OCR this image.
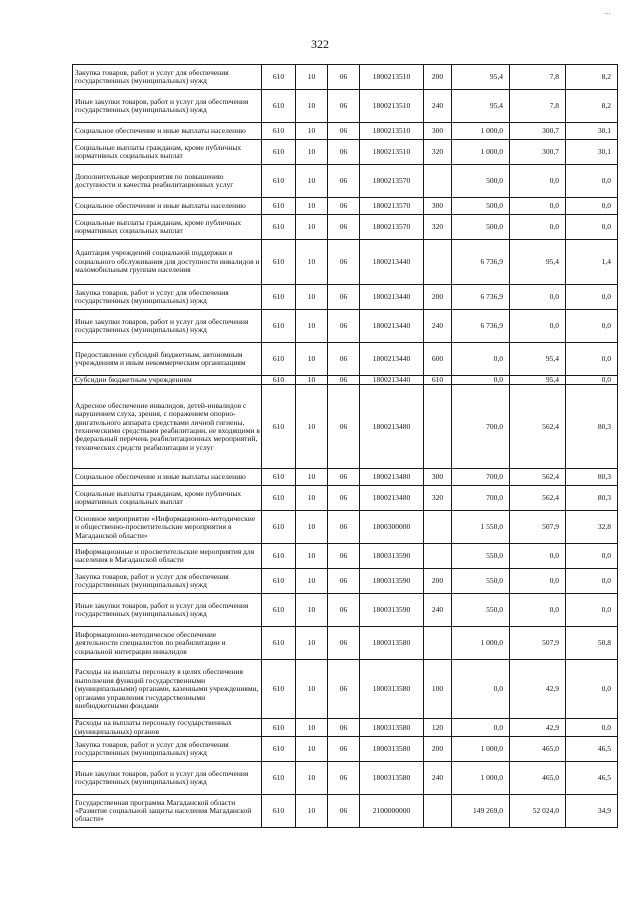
...
322
Закупка товаров, работ и услуг для обеспечения государственных (муниципальных) нужд	610	10	06	1800213510	200	95,4	7,8	8,2
Иные закупки товаров, работ и услуг для обеспечения государственных (муниципальных) нужд	610	10	06	1800213510	240	95,4	7,8	8,2
Социальное обеспечение и иные выплаты населению	610	10	06	1800213510	300	1 000,0	300,7	30,1
Социальные выплаты гражданам, кроме публичных нормативных социальных выплат	610	10	06	1800213510	320	1 000,0	300,7	30,1
Дополнительные мероприятия по повышению доступности и качества реабилитационных услуг	610	10	06	1800213570		500,0	0,0	0,0
Социальное обеспечение и иные выплаты населению	610	10	06	1800213570	300	500,0	0,0	0,0
Социальные выплаты гражданам, кроме публичных нормативных социальных выплат	610	10	06	1800213570	320	500,0	0,0	0,0
Адаптация учреждений социальной поддержки и социального обслуживания для доступности инвалидов и маломобильным группам населения	610	10	06	1800213440		6 736,9	95,4	1,4
Закупка товаров, работ и услуг для обеспечения государственных (муниципальных) нужд	610	10	06	1800213440	200	6 736,9	0,0	0,0
Иные закупки товаров, работ и услуг для обеспечения государственных (муниципальных) нужд	610	10	06	1800213440	240	6 736,9	0,0	0,0
Предоставление субсидий бюджетным, автономным учреждениям и иным некоммерческим организациям	610	10	06	1800213440	600	0,0	95,4	0,0
Субсидии бюджетным учреждениям	610	10	06	1800213440	610	0,0	95,4	0,0
Адресное обеспечение инвалидов, детей-инвалидов с нарушением слуха, зрения, с поражением опорно-двигательного аппарата средствами личной гигиены, техническими средствами реабилитации, не входящими в федеральный перечень реабилитационных мероприятий, технических средств реабилитации и услуг	610	10	06	1800213480		700,0	562,4	80,3
Социальное обеспечение и иные выплаты населению	610	10	06	1800213480	300	700,0	562,4	80,3
Социальные выплаты гражданам, кроме публичных нормативных социальных выплат	610	10	06	1800213480	320	700,0	562,4	80,3
Основное мероприятие «Информационно-методические и общественно-просветительские мероприятия в Магаданской области»	610	10	06	1800300000		1 550,0	507,9	32,8
Информационные и просветительские мероприятия для населения в Магаданской области	610	10	06	1800313590		550,0	0,0	0,0
Закупка товаров, работ и услуг для обеспечения государственных (муниципальных) нужд	610	10	06	1800313590	200	550,0	0,0	0,0
Иные закупки товаров, работ и услуг для обеспечения государственных (муниципальных) нужд	610	10	06	1800313590	240	550,0	0,0	0,0
Информационно-методическое обеспечение деятельности специалистов по реабилитации и социальной интеграции инвалидов	610	10	06	1800313580		1 000,0	507,9	50,8
Расходы на выплаты персоналу в целях обеспечения выполнения функций государственными (муниципальными) органами, казенными учреждениями, органами управления государственными внебюджетными фондами	610	10	06	1800313580	100	0,0	42,9	0,0
Расходы на выплаты персоналу государственных (муниципальных) органов	610	10	06	1800313580	120	0,0	42,9	0,0
Закупка товаров, работ и услуг для обеспечения государственных (муниципальных) нужд	610	10	06	1800313580	200	1 000,0	465,0	46,5
Иные закупки товаров, работ и услуг для обеспечения государственных (муниципальных) нужд	610	10	06	1800313580	240	1 000,0	465,0	46,5
Государственная программа Магаданской области «Развитие социальной защиты населения Магаданской области»	610	10	06	2100000000		149 269,0	52 024,0	34,9
